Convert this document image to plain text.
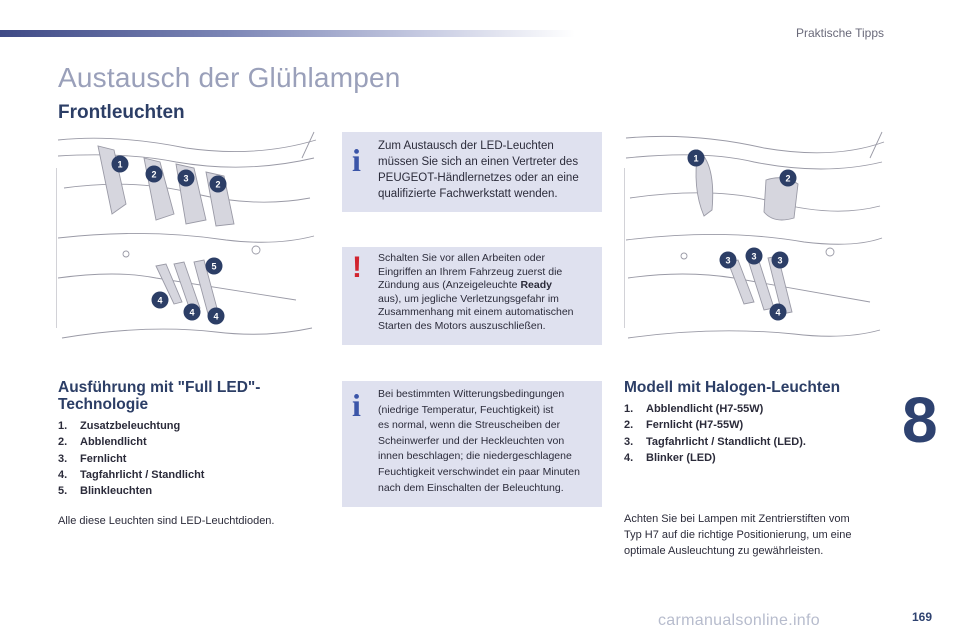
Praktische Tipps
Austausch der Glühlampen
Frontleuchten
1
2	3
2
5
4
4 4
1
2
3 3 3
4
i Zum Austausch der LED-Leuchten
müssen Sie sich an einen Vertreter des
PEUGEOT-Händlernetzes oder an eine
qualifizierte Fachwerkstatt wenden.
! Schalten Sie vor allen Arbeiten oder
Eingriffen an Ihrem Fahrzeug zuerst die
Zündung aus (Anzeigeleuchte Ready
aus), um jegliche Verletzungsgefahr im
Zusammenhang mit einem automatischen
Starten des Motors auszuschließen.
i Bei bestimmten Witterungsbedingungen
(niedrige Temperatur, Feuchtigkeit) ist
es normal, wenn die Streuscheiben der
Scheinwerfer und der Heckleuchten von
innen beschlagen; die niedergeschlagene
Feuchtigkeit verschwindet ein paar Minuten
nach dem Einschalten der Beleuchtung.
Ausführung mit "Full LED"-
Technologie
1. Zusatzbeleuchtung
2. Abblendlicht
3. Fernlicht
4. Tagfahrlicht / Standlicht
5. Blinkleuchten

Alle diese Leuchten sind LED-Leuchtdioden.

Modell mit Halogen-Leuchten
1. Abblendlicht (H7-55W)
2. Fernlicht (H7-55W)
3. Tagfahrlicht / Standlicht (LED).
4. Blinker (LED)
Achten Sie bei Lampen mit Zentrierstiften vom
Typ H7 auf die richtige Positionierung, um eine
optimale Ausleuchtung zu gewährleisten.
8
169
carmanualsonline.info
